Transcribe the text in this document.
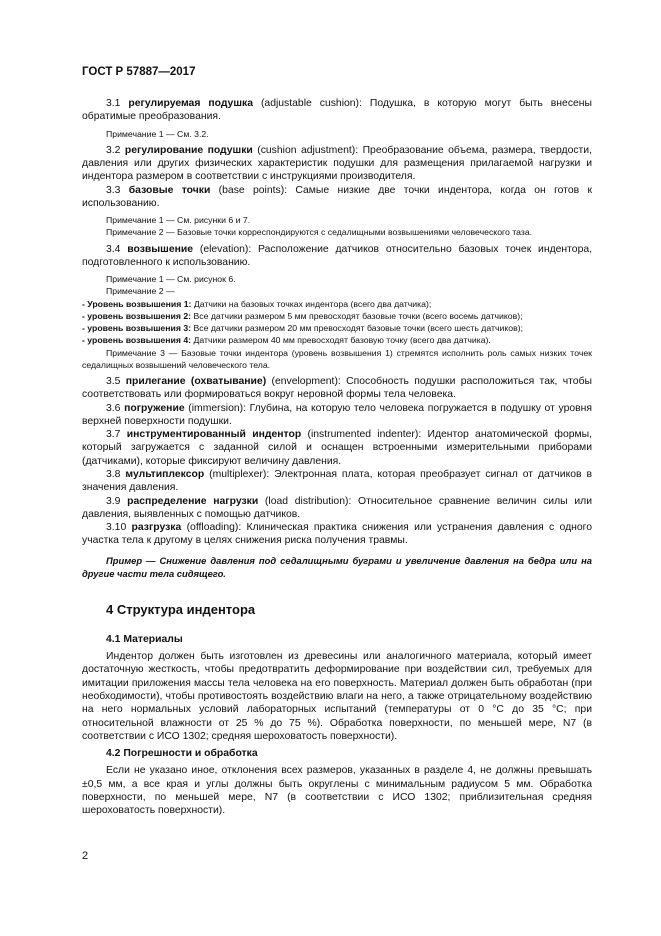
ГОСТ Р 57887—2017

3.1 регулируемая подушка (adjustable cushion): Подушка, в которую могут быть внесены обратимые преобразования.

Примечание 1 — См. 3.2.

3.2 регулирование подушки (cushion adjustment): Преобразование объема, размера, твердости, давления или других физических характеристик подушки для размещения прилагаемой нагрузки и индентора размером в соответствии с инструкциями производителя.

3.3 базовые точки (base points): Самые низкие две точки индентора, когда он готов к использованию.

Примечание 1 — См. рисунки 6 и 7.

Примечание 2 — Базовые точки корреспондируются с седалищными возвышениями человеческого таза.

3.4 возвышение (elevation): Расположение датчиков относительно базовых точек индентора, подготовленного к использованию.

Примечание 1 — См. рисунок 6.

Примечание 2 —

- Уровень возвышения 1: Датчики на базовых точках индентора (всего два датчика);

- уровень возвышения 2: Все датчики размером 5 мм превосходят базовые точки (всего восемь датчиков);

- уровень возвышения 3: Все датчики размером 20 мм превосходят базовые точки (всего шесть датчиков);

- уровень возвышения 4: Датчики размером 40 мм превосходят базовую точку (всего два датчика).

Примечание 3 — Базовые точки индентора (уровень возвышения 1) стремятся исполнить роль самых низких точек седалищных возвышений человеческого тела.

3.5 прилегание (охватывание) (envelopment): Способность подушки расположиться так, чтобы соответствовать или формироваться вокруг неровной формы тела человека.

3.6 погружение (immersion): Глубина, на которую тело человека погружается в подушку от уровня верхней поверхности подушки.

3.7 инструментированный индентор (instrumented indenter): Идентор анатомической формы, который загружается с заданной силой и оснащен встроенными измерительными приборами (датчиками), которые фиксируют величину давления.

3.8 мультиплексор (multiplexer): Электронная плата, которая преобразует сигнал от датчиков в значения давления.

3.9 распределение нагрузки (load distribution): Относительное сравнение величин силы или давления, выявленных с помощью датчиков.

3.10 разгрузка (offloading): Клиническая практика снижения или устранения давления с одного участка тела к другому в целях снижения риска получения травмы.

Пример — Снижение давления под седалищными буграми и увеличение давления на бедра или на другие части тела сидящего.

4 Структура индентора

4.1 Материалы

Индентор должен быть изготовлен из древесины или аналогичного материала, который имеет достаточную жесткость, чтобы предотвратить деформирование при воздействии сил, требуемых для имитации приложения массы тела человека на его поверхность. Материал должен быть обработан (при необходимости), чтобы противостоять воздействию влаги на него, а также отрицательному воздействию на него нормальных условий лабораторных испытаний (температуры от 0 °С до 35 °С; при относительной влажности от 25 % до 75 %). Обработка поверхности, по меньшей мере, N7 (в соответствии с ИСО 1302; средняя шероховатость поверхности).

4.2 Погрешности и обработка

Если не указано иное, отклонения всех размеров, указанных в разделе 4, не должны превышать ±0,5 мм, а все края и углы должны быть округлены с минимальным радиусом 5 мм. Обработка поверхности, по меньшей мере, N7 (в соответствии с ИСО 1302; приблизительная средняя шероховатость поверхности).

2
